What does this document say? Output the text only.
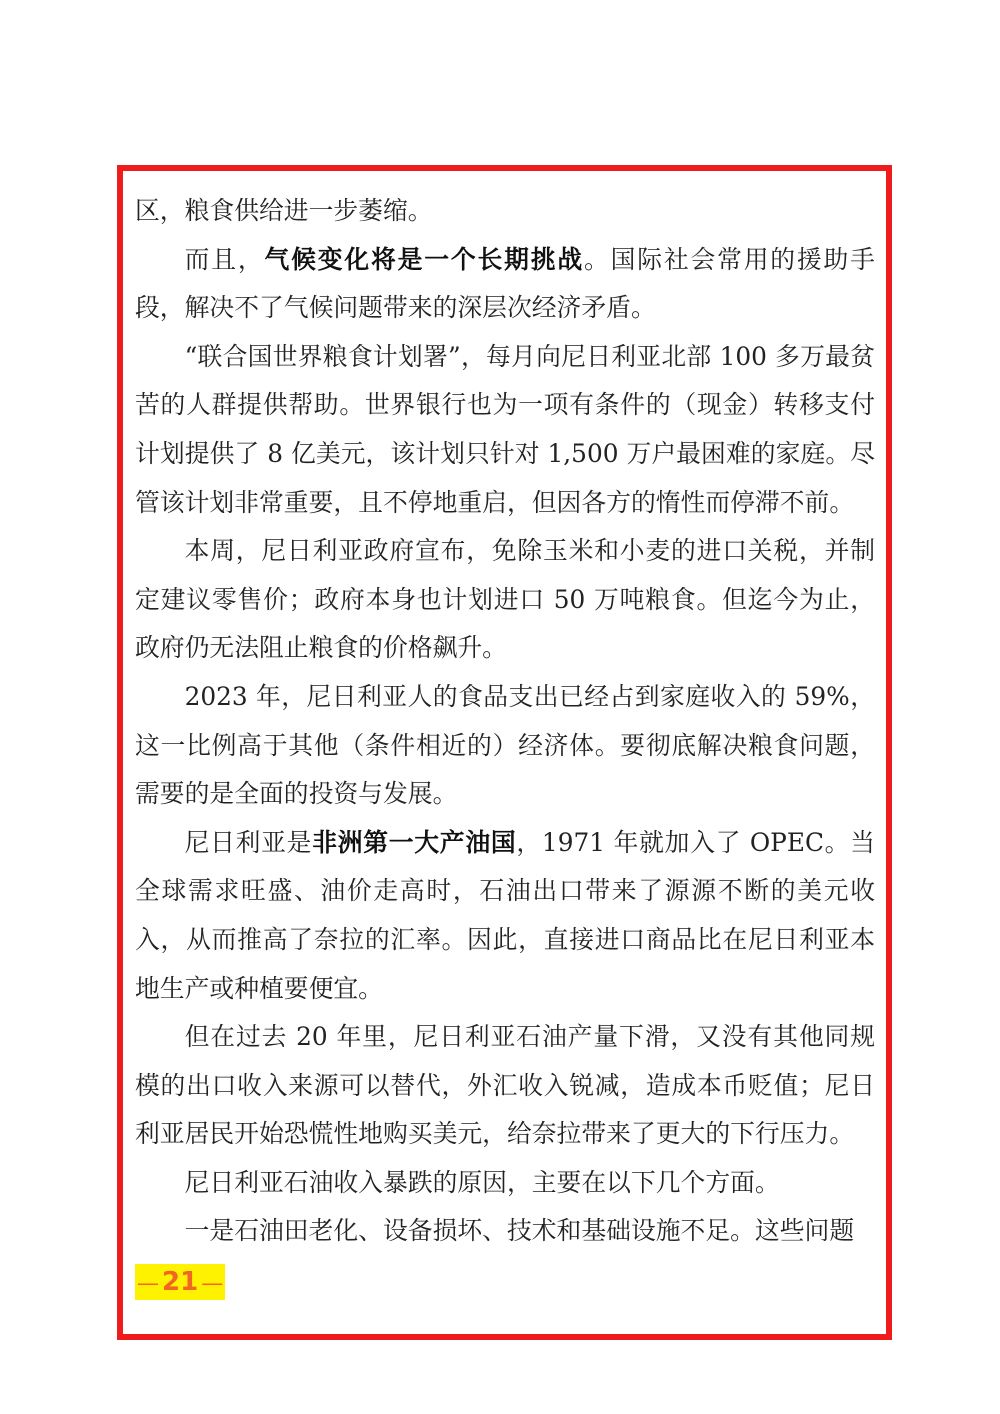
区，粮食供给进一步萎缩。

而且，气候变化将是一个长期挑战。国际社会常用的援助手段，解决不了气候问题带来的深层次经济矛盾。

“联合国世界粮食计划署”，每月向尼日利亚北部 100 多万最贫苦的人群提供帮助。世界银行也为一项有条件的（现金）转移支付计划提供了 8 亿美元，该计划只针对 1,500 万户最困难的家庭。尽管该计划非常重要，且不停地重启，但因各方的惰性而停滞不前。

本周，尼日利亚政府宣布，免除玉米和小麦的进口关税，并制定建议零售价；政府本身也计划进口 50 万吨粮食。但迄今为止，政府仍无法阻止粮食的价格飙升。

2023 年，尼日利亚人的食品支出已经占到家庭收入的 59%，这一比例高于其他（条件相近的）经济体。要彻底解决粮食问题，需要的是全面的投资与发展。

尼日利亚是非洲第一大产油国，1971 年就加入了 OPEC。当全球需求旺盛、油价走高时，石油出口带来了源源不断的美元收入，从而推高了奈拉的汇率。因此，直接进口商品比在尼日利亚本地生产或种植要便宜。

但在过去 20 年里，尼日利亚石油产量下滑，又没有其他同规模的出口收入来源可以替代，外汇收入锐减，造成本币贬值；尼日利亚居民开始恐慌性地购买美元，给奈拉带来了更大的下行压力。

尼日利亚石油收入暴跌的原因，主要在以下几个方面。

一是石油田老化、设备损坏、技术和基础设施不足。这些问题

— 21 —
